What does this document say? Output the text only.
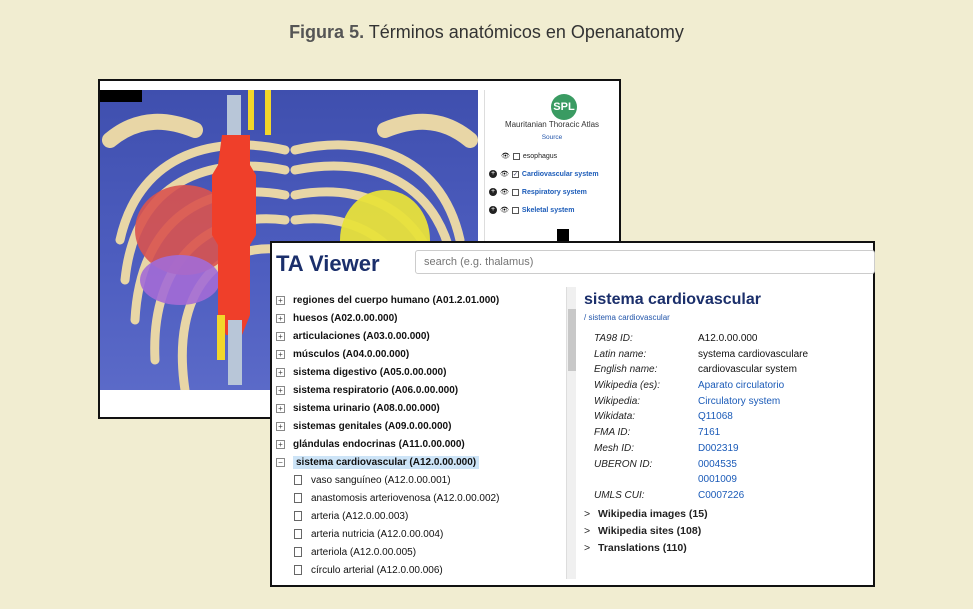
Figura 5. Términos anatómicos en Openanatomy
SPL
Mauritanian Thoracic Atlas
Source
👁 esophagus
+ 👁 ✓ Cardiovascular system
+ 👁 Respiratory system
+ 👁 Skeletal system
TA Viewer
search (e.g. thalamus)
+ regiones del cuerpo humano (A01.2.01.000)
+ huesos (A02.0.00.000)
+ articulaciones (A03.0.00.000)
+ músculos (A04.0.00.000)
+ sistema digestivo (A05.0.00.000)
+ sistema respiratorio (A06.0.00.000)
+ sistema urinario (A08.0.00.000)
+ sistemas genitales (A09.0.00.000)
+ glándulas endocrinas (A11.0.00.000)
−	sistema cardiovascular (A12.0.00.000)
vaso sanguíneo (A12.0.00.001)
anastomosis arteriovenosa (A12.0.00.002)
arteria (A12.0.00.003)
arteria nutricia (A12.0.00.004)
arteriola (A12.0.00.005)
círculo arterial (A12.0.00.006)
sistema cardiovascular
/ sistema cardiovascular
TA98 ID:	A12.0.00.000
Latin name:	systema cardiovasculare
English name:	cardiovascular system
Wikipedia (es):	Aparato circulatorio
Wikipedia:	Circulatory system
Wikidata:	Q11068
FMA ID:	7161
Mesh ID:	D002319
UBERON ID:	0004535
0001009
UMLS CUI:	C0007226
> Wikipedia images (15)
> Wikipedia sites (108)
> Translations (110)
